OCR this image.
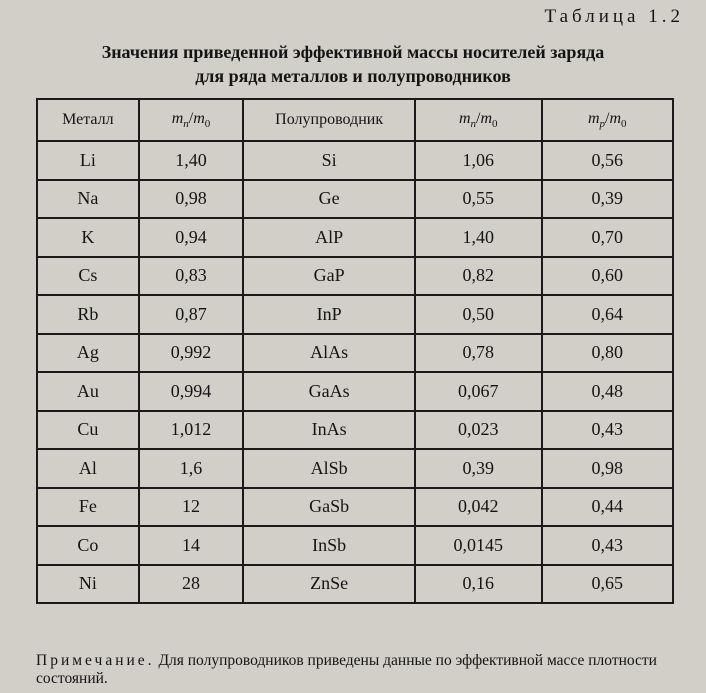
Таблица 1.2
Значения приведенной эффективной массы носителей заряда
для ряда металлов и полупроводников
Металл	$m_n/m_0$	Полупроводник	$m_n/m_0$	$m_p/m_0$
Li	1,40	Si	1,06	0,56
Na	0,98	Ge	0,55	0,39
K	0,94	AlP	1,40	0,70
Cs	0,83	GaP	0,82	0,60
Rb	0,87	InP	0,50	0,64
Ag	0,992	AlAs	0,78	0,80
Au	0,994	GaAs	0,067	0,48
Cu	1,012	InAs	0,023	0,43
Al	1,6	AlSb	0,39	0,98
Fe	12	GaSb	0,042	0,44
Co	14	InSb	0,0145	0,43
Ni	28	ZnSe	0,16	0,65
Примечание. Для полупроводников приведены данные по эффективной массе плотности состояний.
